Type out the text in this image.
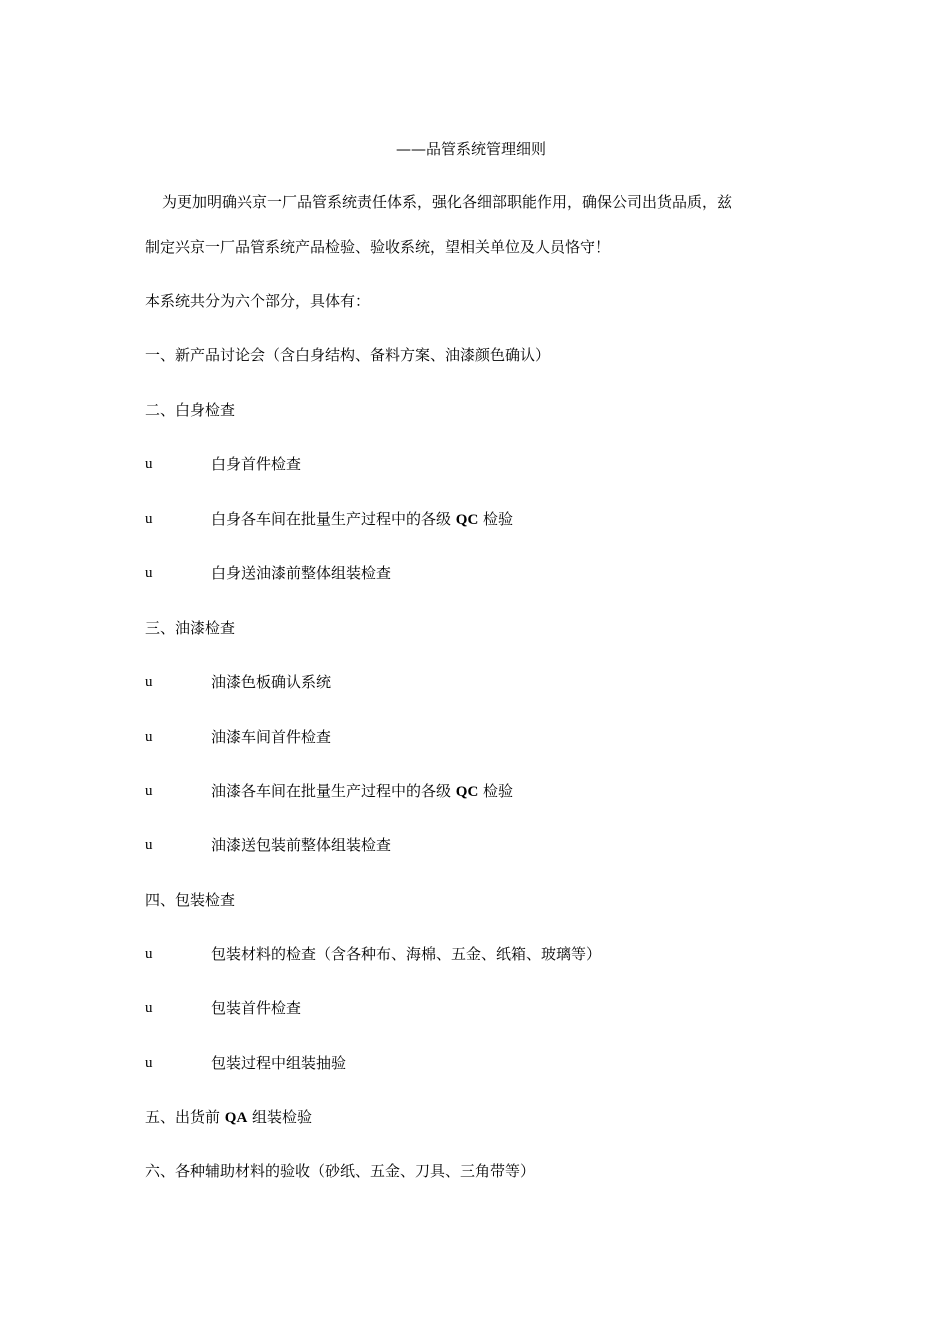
——品管系统管理细则
为更加明确兴京一厂品管系统责任体系，强化各细部职能作用，确保公司出货品质，兹
制定兴京一厂品管系统产品检验、验收系统，望相关单位及人员恪守！
本系统共分为六个部分，具体有：
一、新产品讨论会（含白身结构、备料方案、油漆颜色确认）
二、白身检查
u	白身首件检查
u	白身各车间在批量生产过程中的各级 QC 检验
u	白身送油漆前整体组装检查
三、油漆检查
u	油漆色板确认系统
u	油漆车间首件检查
u	油漆各车间在批量生产过程中的各级 QC 检验
u	油漆送包装前整体组装检查
四、包装检查
u	包装材料的检查（含各种布、海棉、五金、纸箱、玻璃等）
u	包装首件检查
u	包装过程中组装抽验
五、出货前 QA 组装检验
六、各种辅助材料的验收（砂纸、五金、刀具、三角带等）
